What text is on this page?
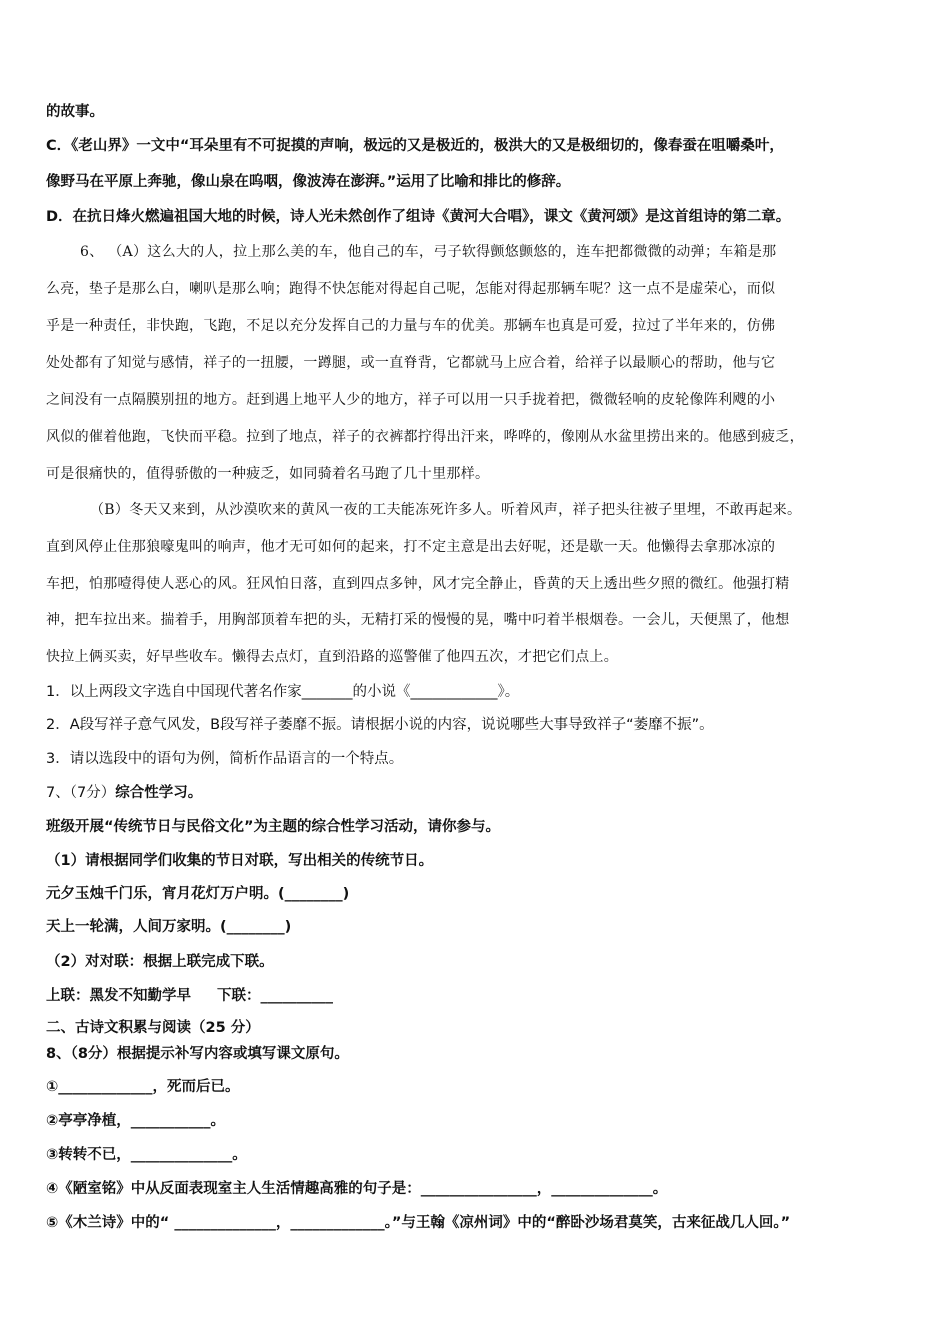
的故事。
C．《老山界》一文中“耳朵里有不可捉摸的声响，极远的又是极近的，极洪大的又是极细切的，像春蚕在咀嚼桑叶，
像野马在平原上奔驰，像山泉在呜咽，像波涛在澎湃。”运用了比喻和排比的修辞。
D．在抗日烽火燃遍祖国大地的时候，诗人光未然创作了组诗《黄河大合唱》，课文《黄河颂》是这首组诗的第二章。
6、 （A）这么大的人，拉上那么美的车，他自己的车，弓子软得颤悠颤悠的，连车把都微微的动弹；车箱是那
么亮，垫子是那么白，喇叭是那么响；跑得不快怎能对得起自己呢，怎能对得起那辆车呢？这一点不是虚荣心，而似
乎是一种责任，非快跑，飞跑，不足以充分发挥自己的力量与车的优美。那辆车也真是可爱，拉过了半年来的，仿佛
处处都有了知觉与感情，祥子的一扭腰，一蹲腿，或一直脊背，它都就马上应合着，给祥子以最顺心的帮助，他与它
之间没有一点隔膜别扭的地方。赶到遇上地平人少的地方，祥子可以用一只手拢着把，微微轻响的皮轮像阵利飕的小
风似的催着他跑，飞快而平稳。拉到了地点，祥子的衣裤都拧得出汗来，哗哗的，像刚从水盆里捞出来的。他感到疲乏，
可是很痛快的，值得骄傲的一种疲乏，如同骑着名马跑了几十里那样。
（B）冬天又来到，从沙漠吹来的黄风一夜的工夫能冻死许多人。听着风声，祥子把头往被子里埋，不敢再起来。
直到风停止住那狼嚎鬼叫的响声，他才无可如何的起来，打不定主意是出去好呢，还是歇一天。他懒得去拿那冰凉的
车把，怕那噎得使人恶心的风。狂风怕日落，直到四点多钟，风才完全静止，昏黄的天上透出些夕照的微红。他强打精
神，把车拉出来。揣着手，用胸部顶着车把的头，无精打采的慢慢的晃，嘴中叼着半根烟卷。一会儿，天便黑了，他想
快拉上俩买卖，好早些收车。懒得去点灯，直到沿路的巡警催了他四五次，才把它们点上。
1．以上两段文字选自中国现代著名作家_______的小说《____________》。
2．A段写祥子意气风发，B段写祥子萎靡不振。请根据小说的内容，说说哪些大事导致祥子“萎靡不振”。
3．请以选段中的语句为例，简析作品语言的一个特点。
7、（7分）综合性学习。
班级开展“传统节日与民俗文化”为主题的综合性学习活动，请你参与。
（1）请根据同学们收集的节日对联，写出相关的传统节日。
元夕玉烛千门乐，宵月花灯万户明。(________)
天上一轮满，人间万家明。(________)
（2）对对联：根据上联完成下联。
上联：黑发不知勤学早 下联：__________
二、古诗文积累与阅读（25 分）
8、（8分）根据提示补写内容或填写课文原句。
①_____________，死而后已。
②亭亭净植，___________。
③转转不已，______________。
④《陋室铭》中从反面表现室主人生活情趣高雅的句子是：________________，______________。
⑤《木兰诗》中的“ ______________，_____________。”与王翰《凉州词》中的“醉卧沙场君莫笑，古来征战几人回。”
